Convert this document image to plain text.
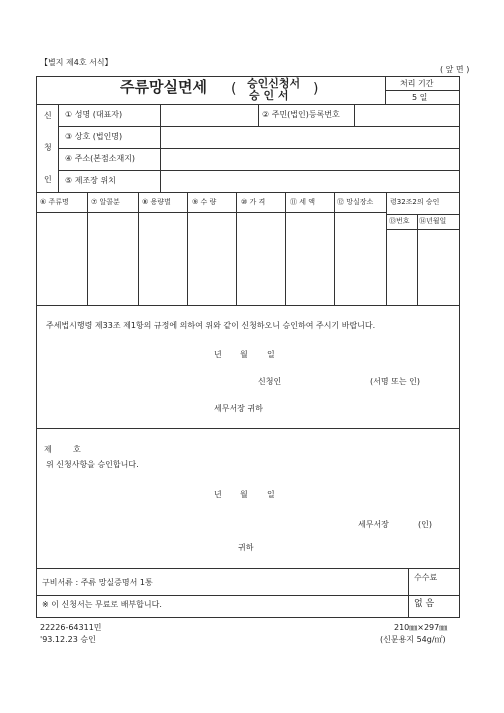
【별지 제4호 서식】
( 앞 면 )
주류망실면세 ( 승인신청서
승 인 서 )	처리 기간
5 일
신
청
인
① 성명 (대표자)	② 주민(법인)등록번호
③ 상호 (법인명)
④ 주소(본점소재지)
⑤ 제조장 위치
⑥ 주류명	⑦ 알콜분	⑧ 용량별	⑨ 수 량	⑩ 가 격	⑪ 세 액	⑫ 망실장소 령32조2의 승인
⑬번호 ⑭년월일
주세법시행령 제33조 제1항의 규정에 의하여 위와 같이 신청하오니 승인하여 주시기 바랍니다.
년 월 일
신청인	(서명 또는 인)
세무서장 귀하
제	호
위 신청사항을 승인합니다.
년 월 일
세무서장	(인)
귀하
구비서류 : 주류 망실증명서 1통
수수료
※ 이 신청서는 무료로 배부합니다.	없 음
22226-64311민
'93.12.23 승인
210㎜×297㎜
(신문용지 54g/㎡)
